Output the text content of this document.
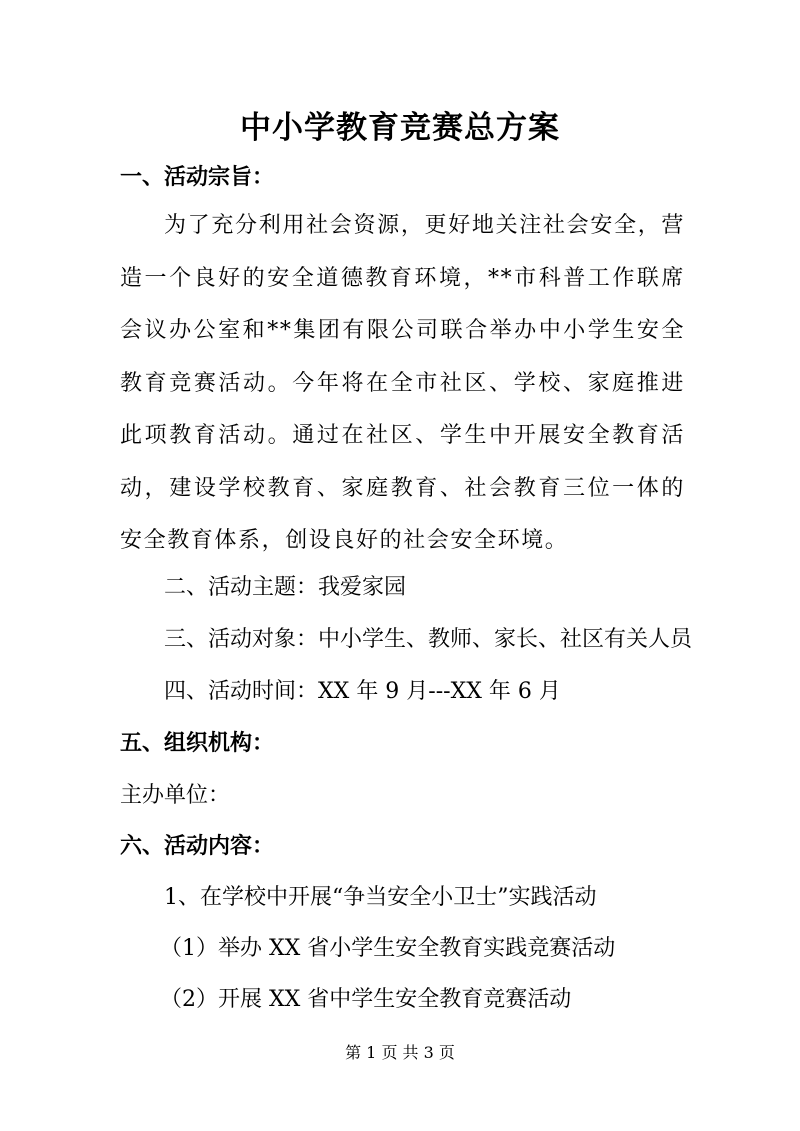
中小学教育竞赛总方案
一、活动宗旨：
为了充分利用社会资源，更好地关注社会安全，营造一个良好的安全道德教育环境，**市科普工作联席会议办公室和**集团有限公司联合举办中小学生安全教育竞赛活动。今年将在全市社区、学校、家庭推进此项教育活动。通过在社区、学生中开展安全教育活动，建设学校教育、家庭教育、社会教育三位一体的安全教育体系，创设良好的社会安全环境。
二、活动主题：我爱家园
三、活动对象：中小学生、教师、家长、社区有关人员
四、活动时间：XX 年 9 月---XX 年 6 月
五、组织机构：
主办单位：
六、活动内容：
1、在学校中开展“争当安全小卫士”实践活动
（1）举办 XX 省小学生安全教育实践竞赛活动
（2）开展 XX 省中学生安全教育竞赛活动
第 1 页 共 3 页
